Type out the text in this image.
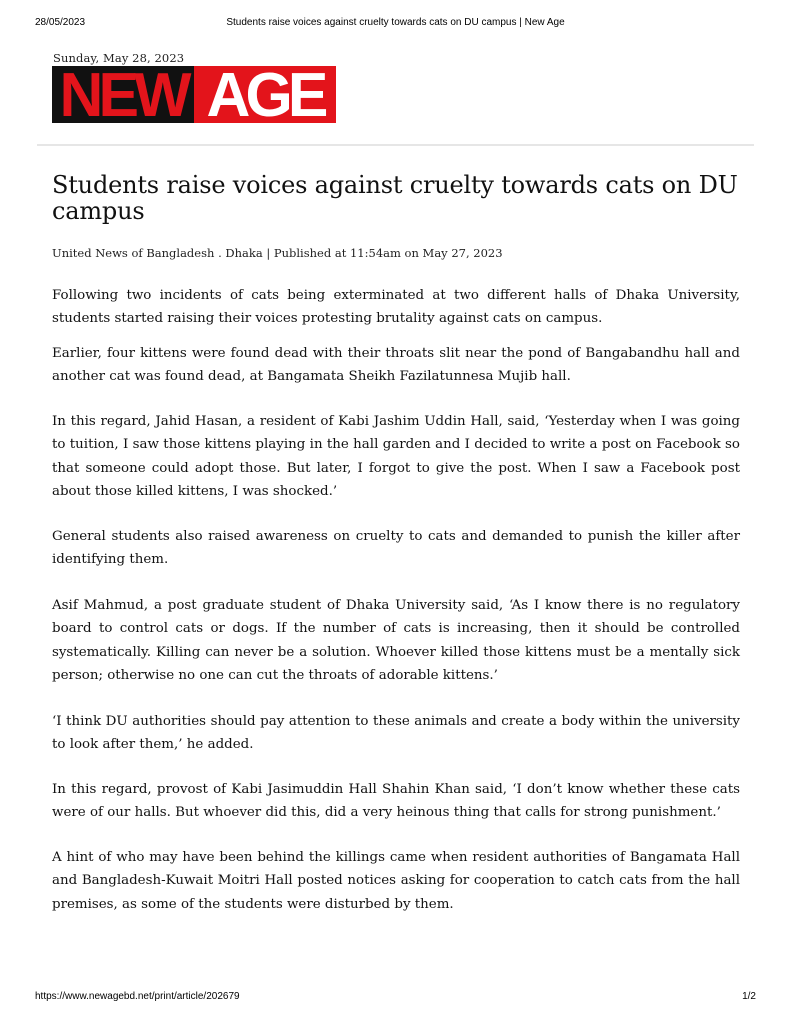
28/05/2023	Students raise voices against cruelty towards cats on DU campus | New Age
Sunday, May 28, 2023
NEW AGE
Students raise voices against cruelty towards cats on DU campus
United News of Bangladesh . Dhaka | Published at 11:54am on May 27, 2023

Following two incidents of cats being exterminated at two different halls of Dhaka University, students started raising their voices protesting brutality against cats on campus.

Earlier, four kittens were found dead with their throats slit near the pond of Bangabandhu hall and another cat was found dead, at Bangamata Sheikh Fazilatunnesa Mujib hall.

In this regard, Jahid Hasan, a resident of Kabi Jashim Uddin Hall, said, ‘Yesterday when I was going to tuition, I saw those kittens playing in the hall garden and I decided to write a post on Facebook so that someone could adopt those. But later, I forgot to give the post. When I saw a Facebook post about those killed kittens, I was shocked.’

General students also raised awareness on cruelty to cats and demanded to punish the killer after identifying them.

Asif Mahmud, a post graduate student of Dhaka University said, ‘As I know there is no regulatory board to control cats or dogs. If the number of cats is increasing, then it should be controlled systematically. Killing can never be a solution. Whoever killed those kittens must be a mentally sick person; otherwise no one can cut the throats of adorable kittens.’

‘I think DU authorities should pay attention to these animals and create a body within the university to look after them,’ he added.

In this regard, provost of Kabi Jasimuddin Hall Shahin Khan said, ‘I don’t know whether these cats were of our halls. But whoever did this, did a very heinous thing that calls for strong punishment.’

A hint of who may have been behind the killings came when resident authorities of Bangamata Hall and Bangladesh-Kuwait Moitri Hall posted notices asking for cooperation to catch cats from the hall premises, as some of the students were disturbed by them.

https://www.newagebd.net/print/article/202679	1/2
